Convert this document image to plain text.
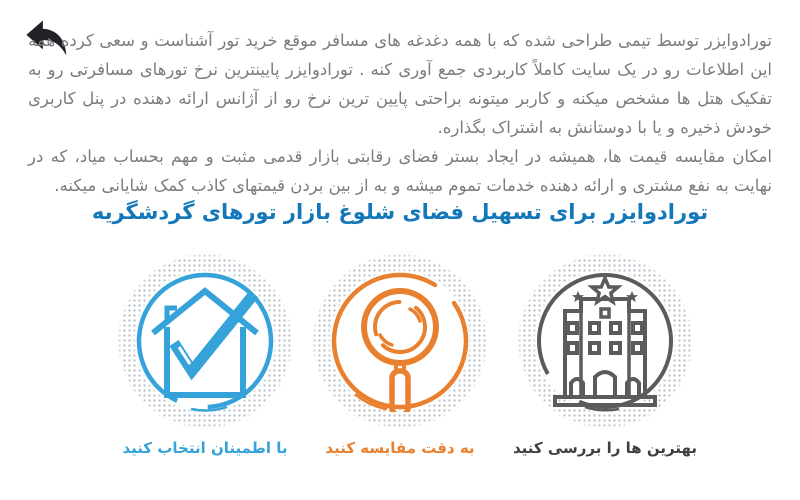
تورادوایزر توسط تیمی طراحی شده که با همه دغدغه های مسافر موقع خرید تور آشناست و سعی کرده همه این اطلاعات رو در یک سایت کاملاً کاربردی جمع آوری کنه . تورادوایزر پایینترین نرخ تورهای مسافرتی رو به تفکیک هتل ها مشخص میکنه و کاربر میتونه براحتی پایین ترین نرخ رو از آژانس ارائه دهنده در پنل کاربری خودش ذخیره و یا با دوستانش به اشتراک بگذاره.

امکان مقایسه قیمت ها، همیشه در ایجاد بستر فضای رقابتی بازار قدمی مثبت و مهم بحساب میاد، که در نهایت به نفع مشتری و ارائه دهنده خدمات تموم میشه و به از بین بردن قیمتهای کاذب کمک شایانی میکنه.

تورادوایزر برای تسهیل فضای شلوغ بازار تورهای گردشگریه
بهترین ها را بررسی کنید
به دقت مقایسه کنید
با اطمینان انتخاب کنید
